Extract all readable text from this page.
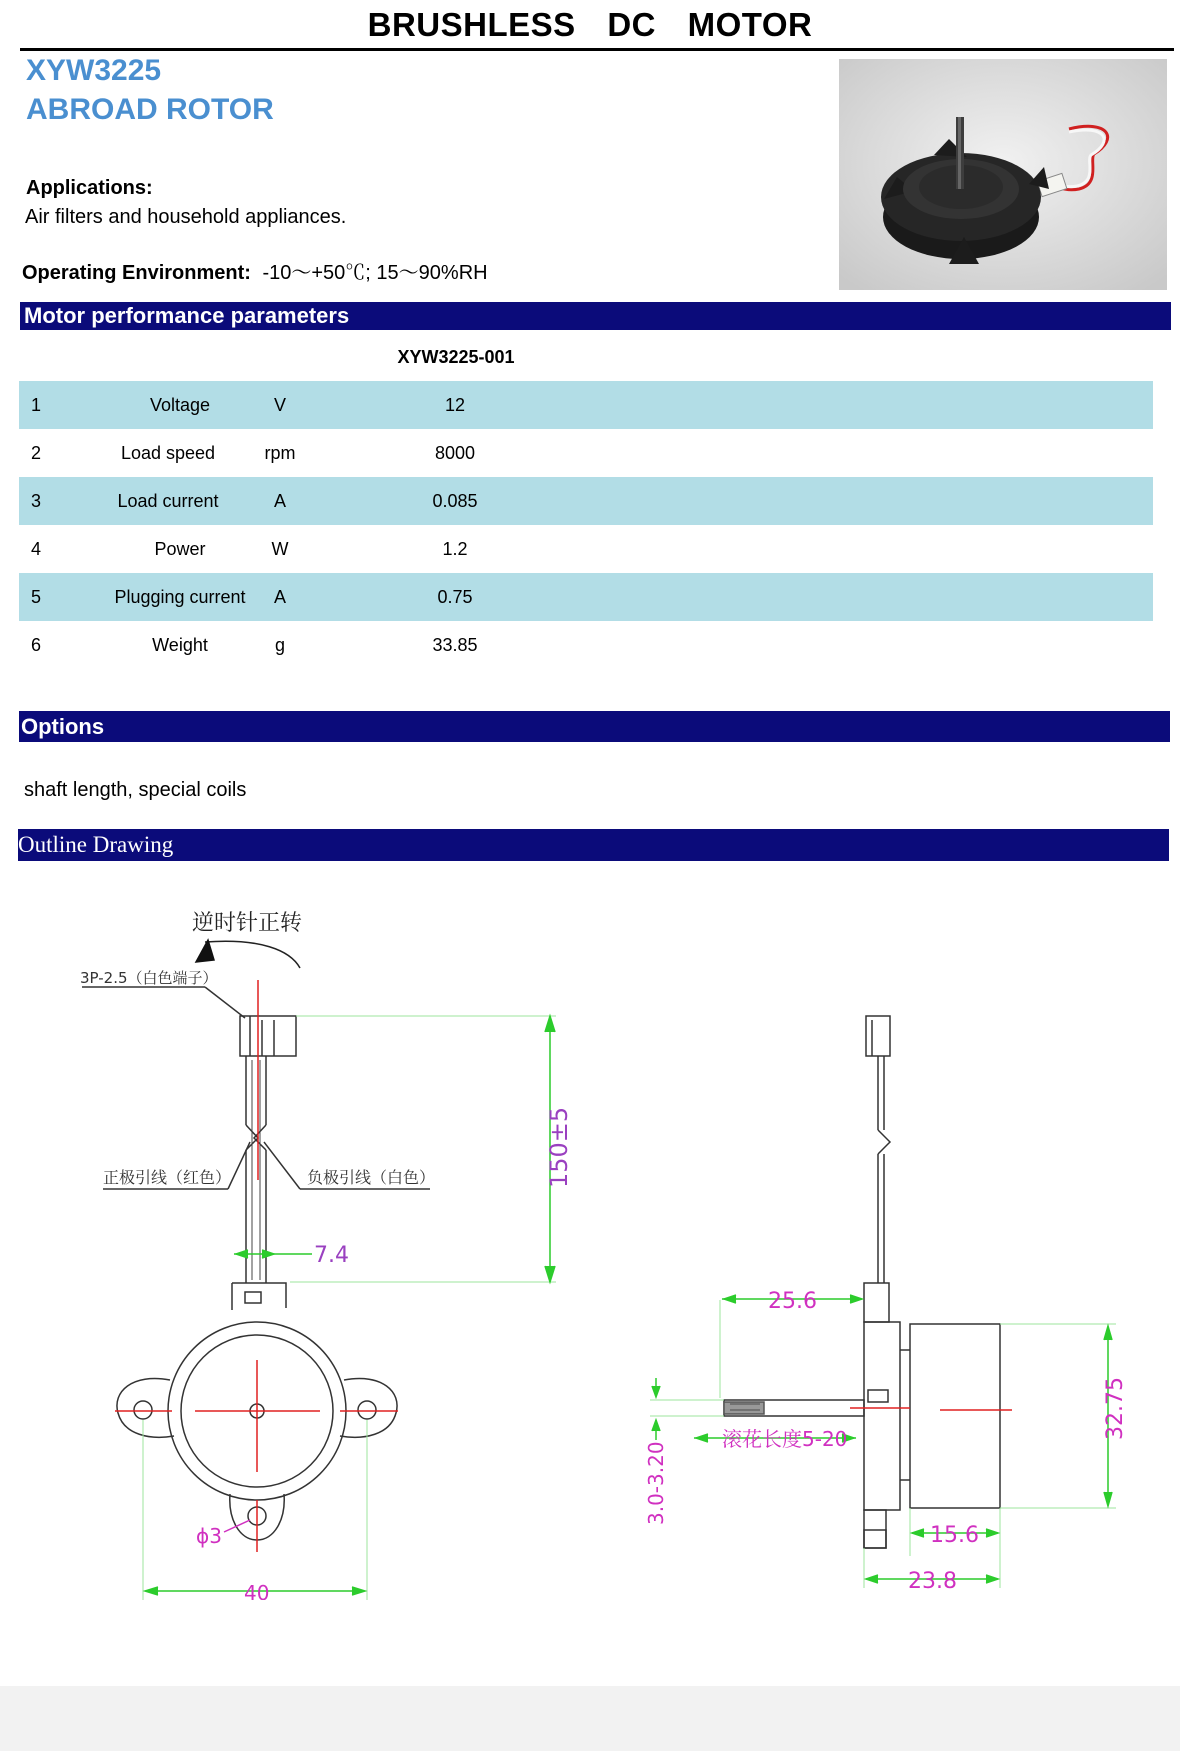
BRUSHLESS DC MOTOR
XYW3225
ABROAD ROTOR
Applications:
Air filters and household appliances.
Operating Environment: -10～+50℃; 15～90%RH
Motor performance parameters
XYW3225-001
1	Voltage	V	12
2	Load speed	rpm	8000
3	Load current	A	0.085
4	Power	W	1.2
5	Plugging current	A	0.75
6	Weight	g	33.85
Options
shaft length, special coils
Outline Drawing
逆时针正转
3P-2.5（白色端子）
正极引线（红色）	负极引线（白色）	150±5
7.4
ϕ3
40
25.6
滚花长度5-20
3.0-3.20
32.75
15.6
23.8
